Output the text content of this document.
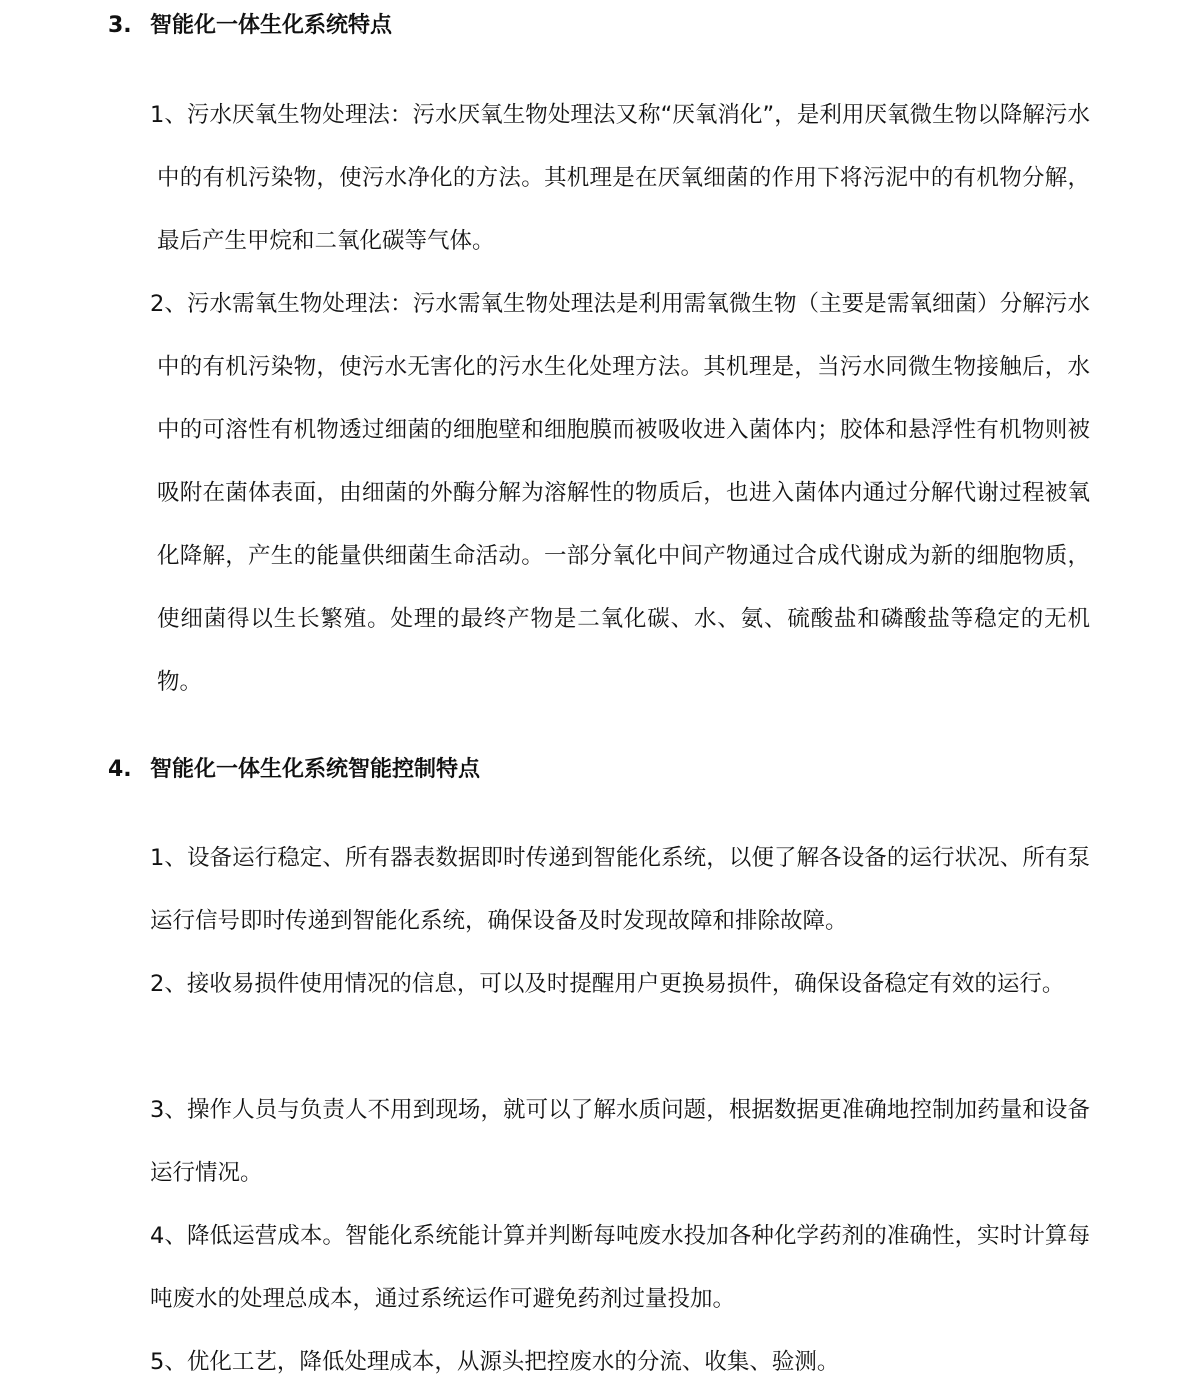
3. 智能化一体生化系统特点

1、污水厌氧生物处理法：污水厌氧生物处理法又称“厌氧消化”，是利用厌氧微生物以降解污水中的有机污染物，使污水净化的方法。其机理是在厌氧细菌的作用下将污泥中的有机物分解，最后产生甲烷和二氧化碳等气体。

2、污水需氧生物处理法：污水需氧生物处理法是利用需氧微生物（主要是需氧细菌）分解污水中的有机污染物，使污水无害化的污水生化处理方法。其机理是，当污水同微生物接触后，水中的可溶性有机物透过细菌的细胞壁和细胞膜而被吸收进入菌体内；胶体和悬浮性有机物则被吸附在菌体表面，由细菌的外酶分解为溶解性的物质后，也进入菌体内通过分解代谢过程被氧化降解，产生的能量供细菌生命活动。一部分氧化中间产物通过合成代谢成为新的细胞物质，使细菌得以生长繁殖。处理的最终产物是二氧化碳、水、氨、硫酸盐和磷酸盐等稳定的无机物。

4. 智能化一体生化系统智能控制特点

1、设备运行稳定、所有器表数据即时传递到智能化系统，以便了解各设备的运行状况、所有泵运行信号即时传递到智能化系统，确保设备及时发现故障和排除故障。

2、接收易损件使用情况的信息，可以及时提醒用户更换易损件，确保设备稳定有效的运行。

3、操作人员与负责人不用到现场，就可以了解水质问题，根据数据更准确地控制加药量和设备运行情况。

4、降低运营成本。智能化系统能计算并判断每吨废水投加各种化学药剂的准确性，实时计算每吨废水的处理总成本，通过系统运作可避免药剂过量投加。

5、优化工艺，降低处理成本，从源头把控废水的分流、收集、验测。
